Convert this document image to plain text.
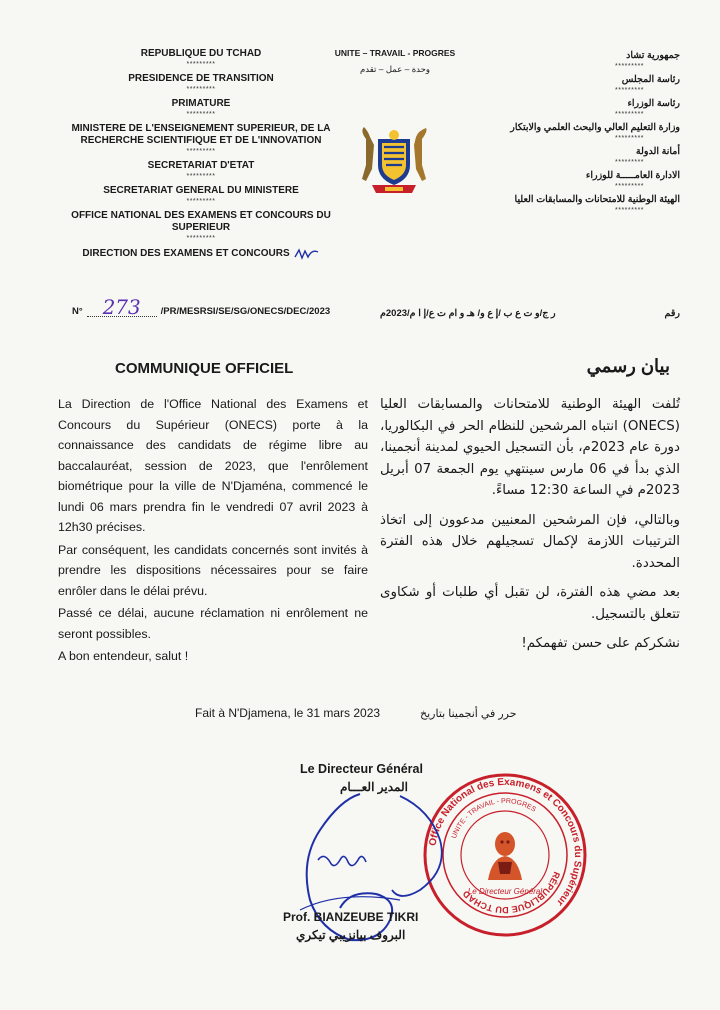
REPUBLIQUE DU TCHAD
*********
PRESIDENCE DE TRANSITION
*********
PRIMATURE
*********
MINISTERE DE L'ENSEIGNEMENT SUPERIEUR, DE LA RECHERCHE SCIENTIFIQUE ET DE L'INNOVATION
*********
SECRETARIAT D'ETAT
*********
SECRETARIAT GENERAL DU MINISTERE
*********
OFFICE NATIONAL DES EXAMENS ET CONCOURS DU SUPERIEUR
*********
DIRECTION DES EXAMENS ET CONCOURS
UNITE – TRAVAIL - PROGRES
وحدة – عمل – تقدم
جمهورية تشاد
*********
رئاسة المجلس
*********
رئاسة الوزراء
*********
وزارة التعليم العالي والبحث العلمي والابتكار
*********
أمانة الدولة
*********
الادارة العامـــــة للوزراء
*********
الهيئة الوطنية للامتحانات والمسابقات العليا
*********
N° 273	/PR/MESRSI/SE/SG/ONECS/DEC/2023	رقم
ر ج/و ت ع ب /إ ع و/ هـ و ام ت ع/إ ا م/2023م
COMMUNIQUE OFFICIEL	بيان رسمي

La Direction de l'Office National des Examens et Concours du Supérieur (ONECS) porte à la connaissance des candidats de régime libre au baccalauréat, session de 2023, que l'enrôlement biométrique pour la ville de N'Djaména, commencé le lundi 06 mars prendra fin le vendredi 07 avril 2023 à 12h30 précises.

Par conséquent, les candidats concernés sont invités à prendre les dispositions nécessaires pour se faire enrôler dans le délai prévu.

Passé ce délai, aucune réclamation ni enrôlement ne seront possibles.

A bon entendeur, salut !

تُلفت الهيئة الوطنية للامتحانات والمسابقات العليا (ONECS) انتباه المرشحين للنظام الحر في البكالوريا، دورة عام 2023م، بأن التسجيل الحيوي لمدينة أنجمينا، الذي بدأ في 06 مارس سينتهي يوم الجمعة 07 أبريل 2023م في الساعة 12:30 مساءً.

وبالتالي، فإن المرشحين المعنيين مدعوون إلى اتخاذ الترتيبات اللازمة لإكمال تسجيلهم خلال هذه الفترة المحددة.

بعد مضي هذه الفترة، لن تقبل أي طلبات أو شكاوى تتعلق بالتسجيل.

نشكركم على حسن تفهمكم!

Fait à N'Djamena, le 31 mars 2023	حرر في أنجمينا بتاريخ
Le Directeur Général
المدير العـــام
Office National des Examens et Concours du Supérieur
RÉPUBLIQUE DU TCHAD
UNITE - TRAVAIL - PROGRES
Le Directeur Général
Prof. BIANZEUBE TIKRI
البروف بيانزيبي تيكري
